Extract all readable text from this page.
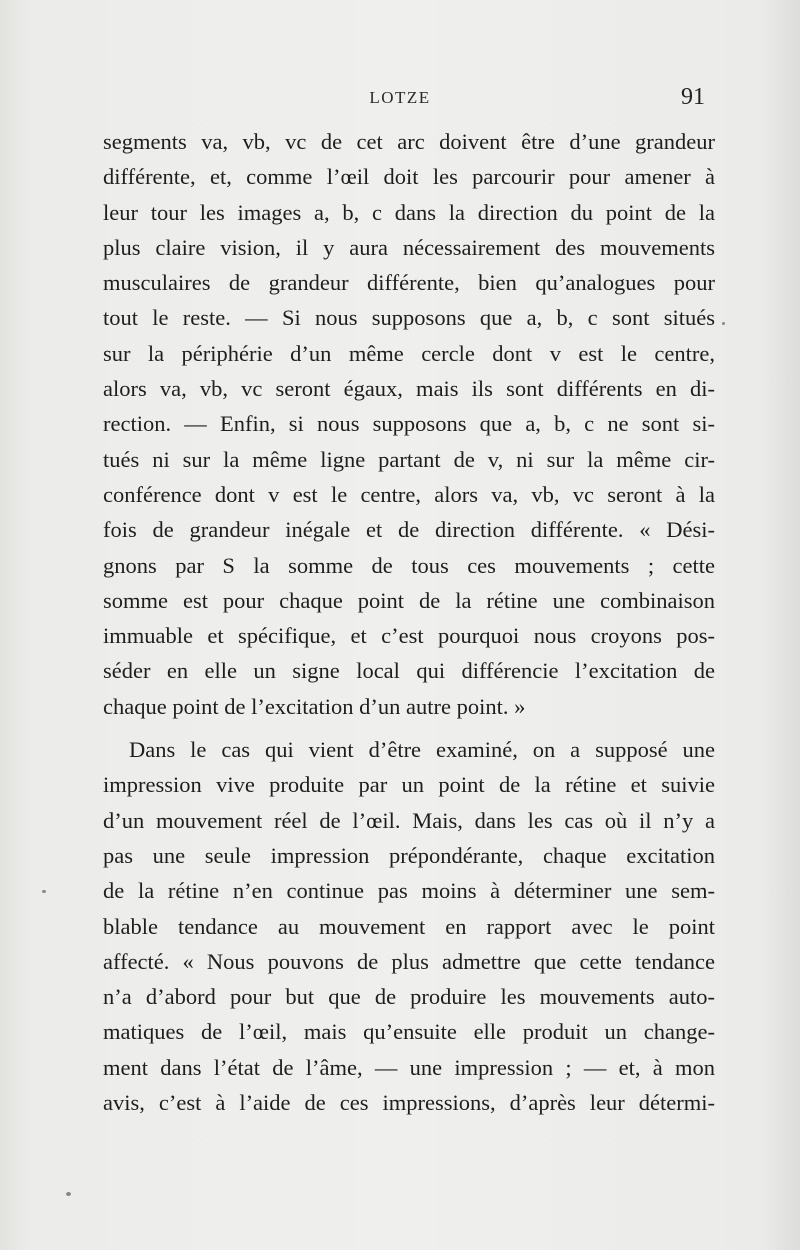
LOTZE	91
segments va, vb, vc de cet arc doivent être d’une grandeur
différente, et, comme l’œil doit les parcourir pour amener à
leur tour les images a, b, c dans la direction du point de la
plus claire vision, il y aura nécessairement des mouvements
musculaires de grandeur différente, bien qu’analogues pour
tout le reste. — Si nous supposons que a, b, c sont situés
sur la périphérie d’un même cercle dont v est le centre,
alors va, vb, vc seront égaux, mais ils sont différents en di-
rection. — Enfin, si nous supposons que a, b, c ne sont si-
tués ni sur la même ligne partant de v, ni sur la même cir-
conférence dont v est le centre, alors va, vb, vc seront à la
fois de grandeur inégale et de direction différente. « Dési-
gnons par S la somme de tous ces mouvements ; cette
somme est pour chaque point de la rétine une combinaison
immuable et spécifique, et c’est pourquoi nous croyons pos-
séder en elle un signe local qui différencie l’excitation de
chaque point de l’excitation d’un autre point. »
Dans le cas qui vient d’être examiné, on a supposé une
impression vive produite par un point de la rétine et suivie
d’un mouvement réel de l’œil. Mais, dans les cas où il n’y a
pas une seule impression prépondérante, chaque excitation
de la rétine n’en continue pas moins à déterminer une sem-
blable tendance au mouvement en rapport avec le point
affecté. « Nous pouvons de plus admettre que cette tendance
n’a d’abord pour but que de produire les mouvements auto-
matiques de l’œil, mais qu’ensuite elle produit un change-
ment dans l’état de l’âme, — une impression ; — et, à mon
avis, c’est à l’aide de ces impressions, d’après leur détermi-
